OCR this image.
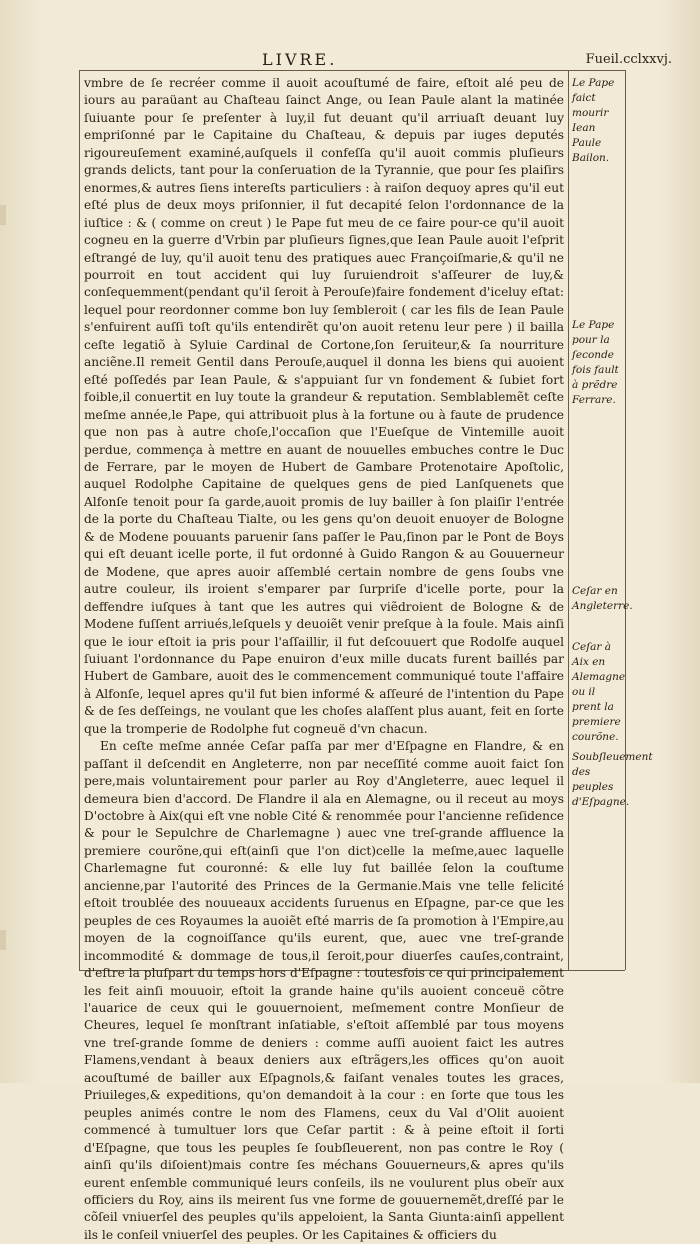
LIVRE.	Fueil.cclxxvj.

vmbre de ſe recréer comme il auoit acouſtumé de faire, eſtoit alé peu de iours au paraüant au Chaſteau ſainct Ange, ou Iean Paule alant la matinée ſuiuante pour ſe preſenter à luy,il fut deuant qu'il arriuaſt deuant luy empriſonné par le Capitaine du Chaſteau, & depuis par iuges deputés rigoureuſement examiné,auſquels il confeſſa qu'il auoit commis pluſieurs grands delicts, tant pour la conſeruation de la Tyrannie, que pour ſes plaiſirs enormes,& autres ſiens intereſts particuliers : à raiſon dequoy apres qu'il eut eſté plus de deux moys priſonnier, il fut decapité ſelon l'ordonnance de la iuſtice : & ( comme on creut ) le Pape fut meu de ce faire pour-ce qu'il auoit cogneu en la guerre d'Vrbin par pluſieurs ſignes,que Iean Paule auoit l'eſprit eſtrangé de luy, qu'il auoit tenu des pratiques auec Françoiſmarie,& qu'il ne pourroit en tout accident qui luy ſuruiendroit s'aſſeurer de luy,& conſequemment(pendant qu'il ſeroit à Perouſe)faire fondement d'iceluy eſtat: lequel pour reordonner comme bon luy ſembleroit ( car les fils de Iean Paule s'enfuirent auſſi toſt qu'ils entendirẽt qu'on auoit retenu leur pere ) il bailla ceſte legatiõ à Syluie Cardinal de Cortone,ſon ſeruiteur,& ſa nourriture anciẽne.Il remeit Gentil dans Perouſe,auquel il donna les biens qui auoient eſté poſſedés par Iean Paule, & s'appuiant ſur vn fondement & ſubiet fort foible,il conuertit en luy toute la grandeur & reputation. Semblablemẽt ceſte meſme année,le Pape, qui attribuoit plus à la fortune ou à faute de prudence que non pas à autre choſe,l'occaſion que l'Eueſque de Vintemille auoit perdue, commença à mettre en auant de nouuelles embuches contre le Duc de Ferrare, par le moyen de Hubert de Gambare Protenotaire Apoſtolic, auquel Rodolphe Capitaine de quelques gens de pied Lanſquenets que Alfonſe tenoit pour ſa garde,auoit promis de luy bailler à ſon plaiſir l'entrée de la porte du Chaſteau Tialte, ou les gens qu'on deuoit enuoyer de Bologne & de Modene pouuants paruenir ſans paſſer le Pau,ſinon par le Pont de Boys qui eſt deuant icelle porte, il fut ordonné à Guido Rangon & au Gouuerneur de Modene, que apres auoir aſſemblé certain nombre de gens ſoubs vne autre couleur, ils iroient s'emparer par ſurpriſe d'icelle porte, pour la deffendre iuſques à tant que les autres qui viẽdroient de Bologne & de Modene fuſſent arriués,leſquels y deuoiẽt venir preſque à la foule. Mais ainſi que le iour eſtoit ia pris pour l'aſſaillir, il fut deſcouuert que Rodolfe auquel ſuiuant l'ordonnance du Pape enuiron d'eux mille ducats furent baillés par Hubert de Gambare, auoit des le commencement communiqué toute l'affaire à Alfonſe, lequel apres qu'il fut bien informé & aſſeuré de l'intention du Pape & de ſes deſſeings, ne voulant que les choſes alaſſent plus auant, feit en ſorte que la tromperie de Rodolphe fut cogneuë d'vn chacun.

En ceſte meſme année Ceſar paſſa par mer d'Eſpagne en Flandre, & en paſſant il deſcendit en Angleterre, non par neceſſité comme auoit faict ſon pere,mais voluntairement pour parler au Roy d'Angleterre, auec lequel il demeura bien d'accord. De Flandre il ala en Alemagne, ou il receut au moys D'octobre à Aix(qui eſt vne noble Cité & renommée pour l'ancienne reſidence & pour le Sepulchre de Charlemagne ) auec vne treſ-grande affluence la premiere courõne,qui eſt(ainſi que l'on dict)celle la meſme,auec laquelle Charlemagne fut couronné: & elle luy fut baillée ſelon la couſtume ancienne,par l'autorité des Princes de la Germanie.Mais vne telle felicité eſtoit troublée des nouueaux accidents ſuruenus en Eſpagne, par-ce que les peuples de ces Royaumes la auoiẽt eſté marris de ſa promotion à l'Empire,au moyen de la cognoiſſance qu'ils eurent, que, auec vne treſ-grande incommodité & dommage de tous,il ſeroit,pour diuerſes cauſes,contraint, d'eſtre la pluſpart du temps hors d'Eſpagne : toutesfois ce qui principalement les feit ainſi mouuoir, eſtoit la grande haine qu'ils auoient conceuë cõtre l'auarice de ceux qui le gouuernoient, meſmement contre Monſieur de Cheures, lequel ſe monſtrant inſatiable, s'eſtoit aſſemblé par tous moyens vne treſ-grande ſomme de deniers : comme auſſi auoient faict les autres Flamens,vendant à beaux deniers aux eſtrãgers,les offices qu'on auoit acouſtumé de bailler aux Eſpagnols,& faiſant venales toutes les graces, Priuileges,& expeditions, qu'on demandoit à la cour : en ſorte que tous les peuples animés contre le nom des Flamens, ceux du Val d'Olit auoient commencé à tumultuer lors que Ceſar partit : & à peine eſtoit il ſorti d'Eſpagne, que tous les peuples ſe ſoubſleuerent, non pas contre le Roy ( ainſi qu'ils diſoient)mais contre ſes méchans Gouuerneurs,& apres qu'ils eurent enſemble communiqué leurs conſeils, ils ne voulurent plus obeïr aux officiers du Roy, ains ils meirent ſus vne forme de gouuernemẽt,dreſſé par le cõſeil vniuerſel des peuples qu'ils appeloient, la Santa Giunta:ainſi appellent ils le conſeil vniuerſel des peuples. Or les Capitaines & officiers du

Le Pape faict mourir Iean Paule Bailon.
Le Pape pour la ſeconde fois fault à prẽdre Ferrare.
Ceſar en Angleterre.
Ceſar à Aix en Alemagne ou il prent la premiere courõne.
Soubſleuement des peuples d'Eſpagne.
